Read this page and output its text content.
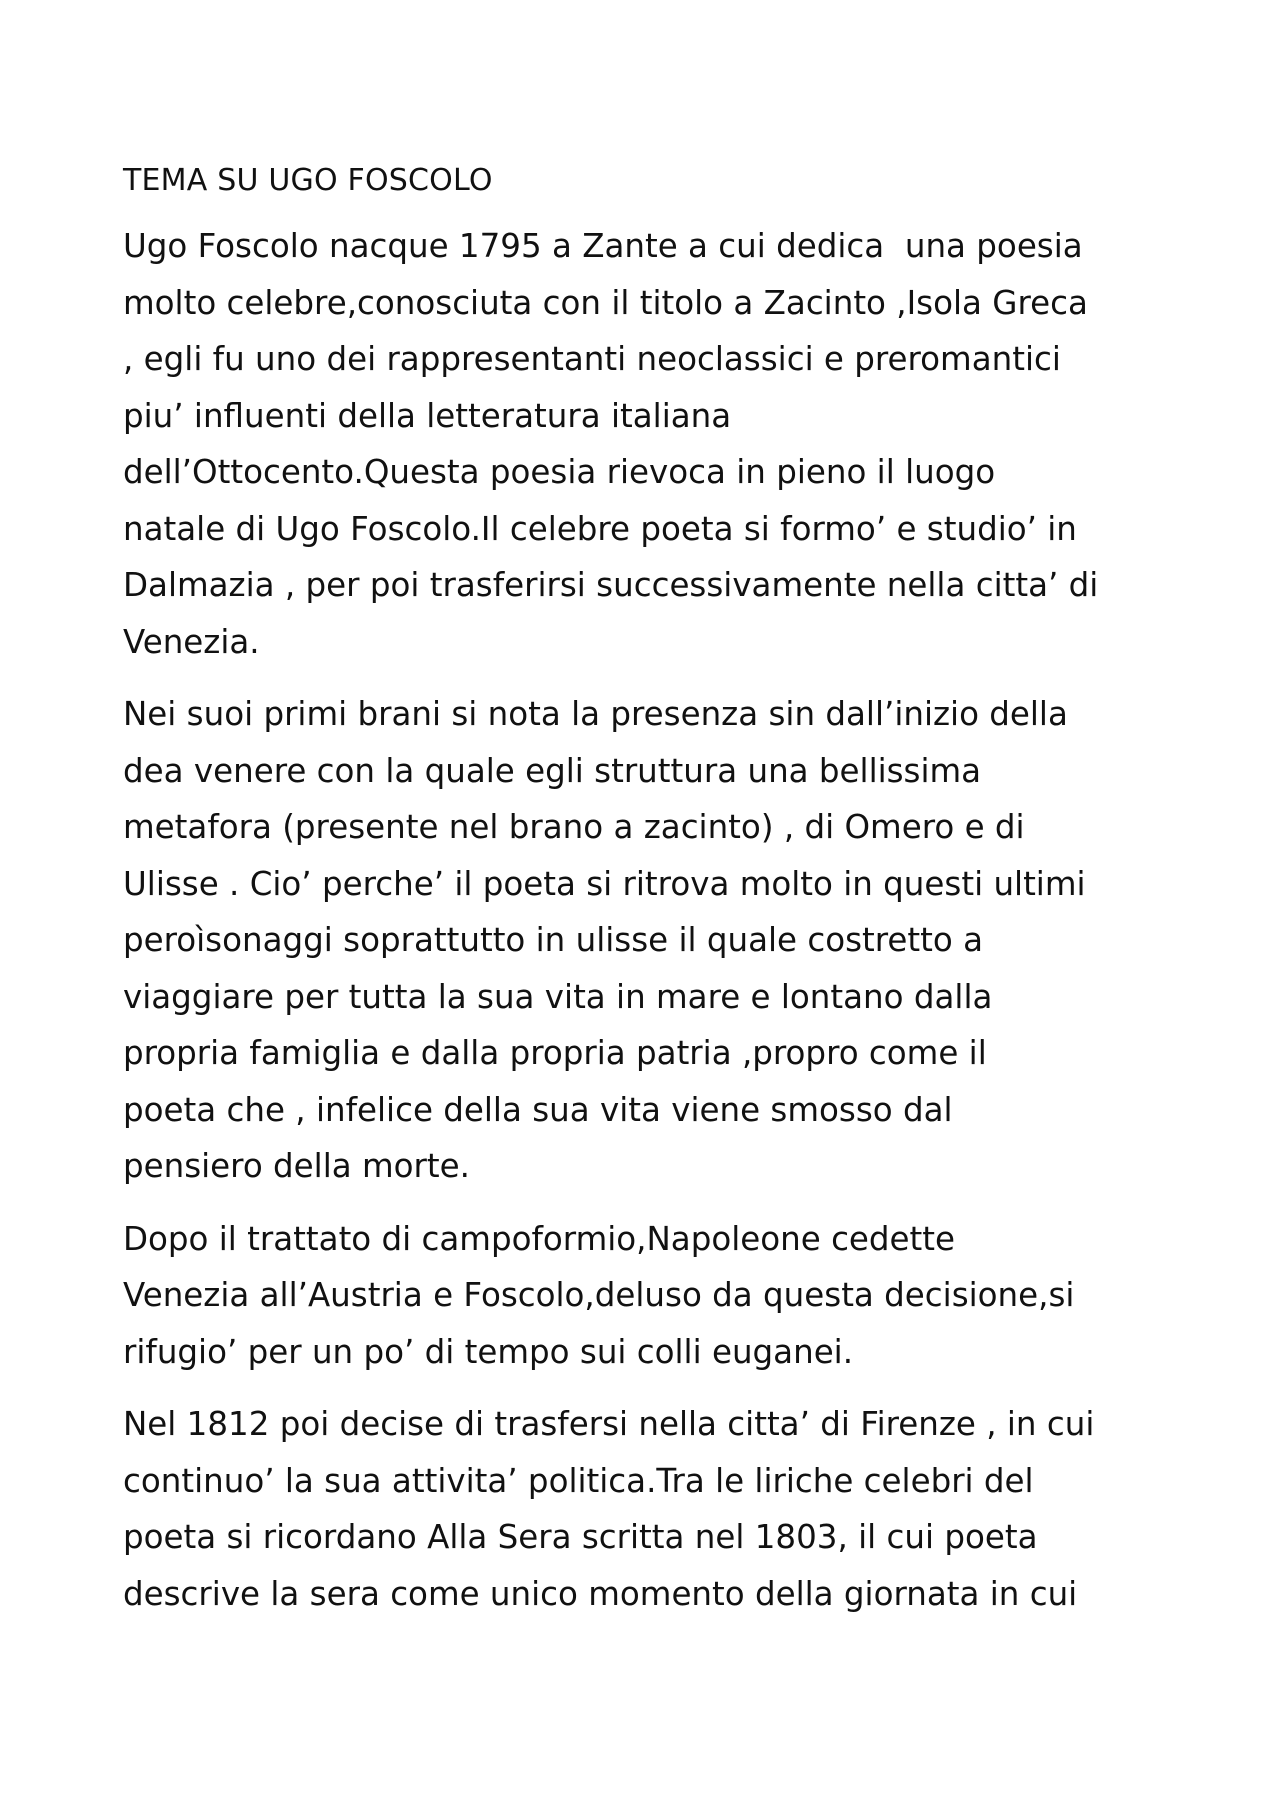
TEMA SU UGO FOSCOLO
Ugo Foscolo nacque 1795 a Zante a cui dedica  una poesia
molto celebre,conosciuta con il titolo a Zacinto ,Isola Greca
, egli fu uno dei rappresentanti neoclassici e preromantici
piu’ influenti della letteratura italiana
dell’Ottocento.Questa poesia rievoca in pieno il luogo
natale di Ugo Foscolo.Il celebre poeta si formo’ e studio’ in
Dalmazia , per poi trasferirsi successivamente nella citta’ di
Venezia.
Nei suoi primi brani si nota la presenza sin dall’inizio della
dea venere con la quale egli struttura una bellissima
metafora (presente nel brano a zacinto) , di Omero e di
Ulisse . Cio’ perche’ il poeta si ritrova molto in questi ultimi
peroìsonaggi soprattutto in ulisse il quale costretto a
viaggiare per tutta la sua vita in mare e lontano dalla
propria famiglia e dalla propria patria ,propro come il
poeta che , infelice della sua vita viene smosso dal
pensiero della morte.
Dopo il trattato di campoformio,Napoleone cedette
Venezia all’Austria e Foscolo,deluso da questa decisione,si
rifugio’ per un po’ di tempo sui colli euganei.
Nel 1812 poi decise di trasfersi nella citta’ di Firenze , in cui
continuo’ la sua attivita’ politica.Tra le liriche celebri del
poeta si ricordano Alla Sera scritta nel 1803, il cui poeta
descrive la sera come unico momento della giornata in cui
